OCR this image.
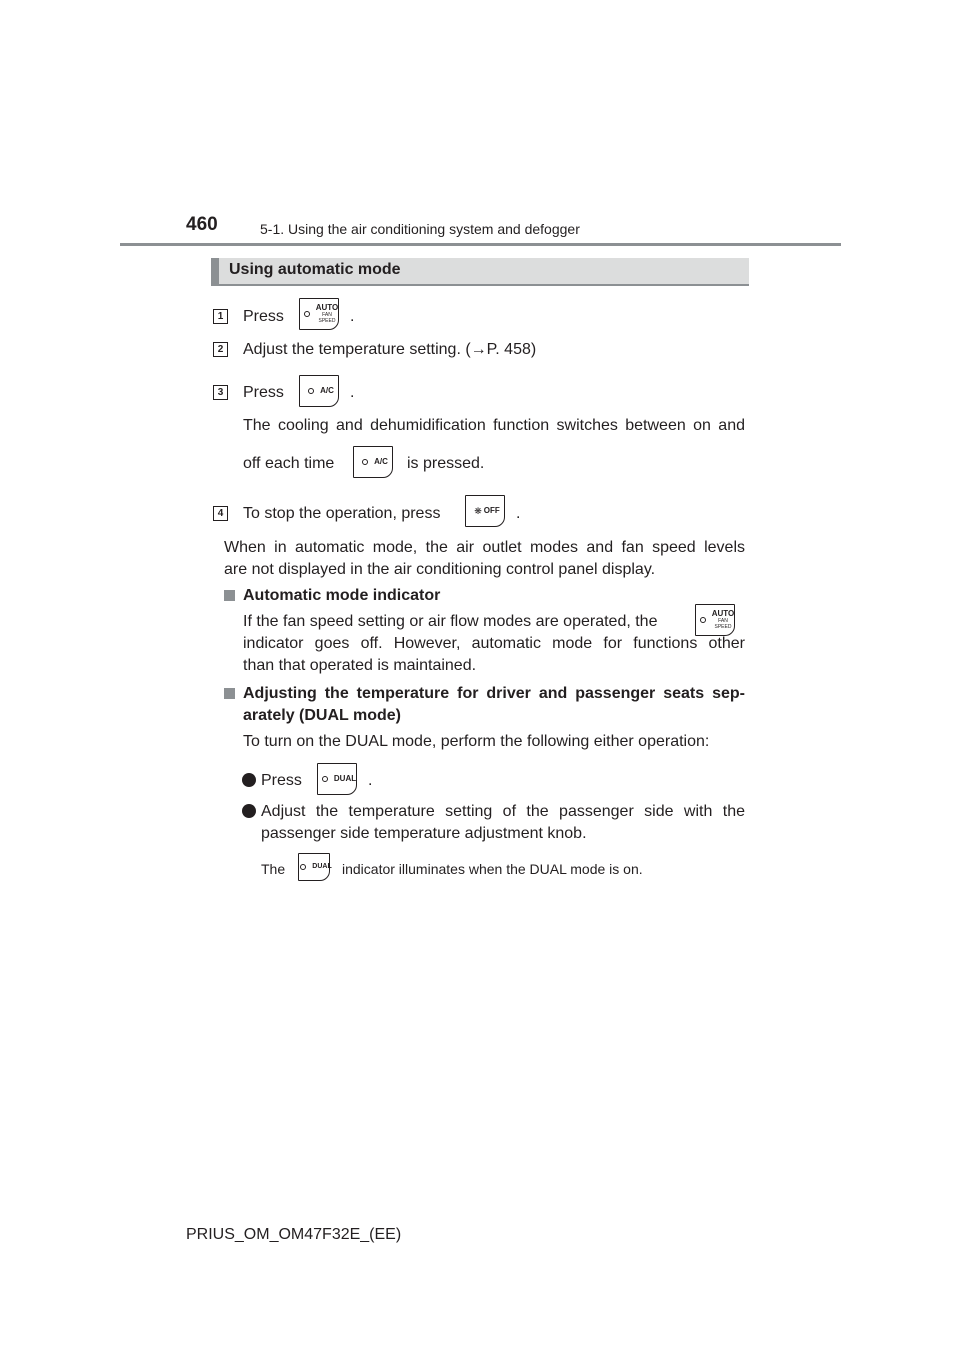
460	5-1. Using the air conditioning system and defogger
Using automatic mode
1 Press
AUTO
FAN SPEED .
2 Adjust the temperature setting. (→P. 458)
3 Press	A/C .
The cooling and dehumidification function switches between on and
off each time	A/C is pressed.
4 To stop the operation, press	❋ OFF .
When in automatic mode, the air outlet modes and fan speed levels
are not displayed in the air conditioning control panel display.
Automatic mode indicator
If the fan speed setting or air flow modes are operated, the	AUTO
FAN SPEED
indicator goes off. However, automatic mode for functions other
than that operated is maintained.
Adjusting the temperature for driver and passenger seats sep-
arately (DUAL mode)
To turn on the DUAL mode, perform the following either operation:
Press	DUAL .
Adjust the temperature setting of the passenger side with the
passenger side temperature adjustment knob.
The	DUAL indicator illuminates when the DUAL mode is on.
PRIUS_OM_OM47F32E_(EE)
